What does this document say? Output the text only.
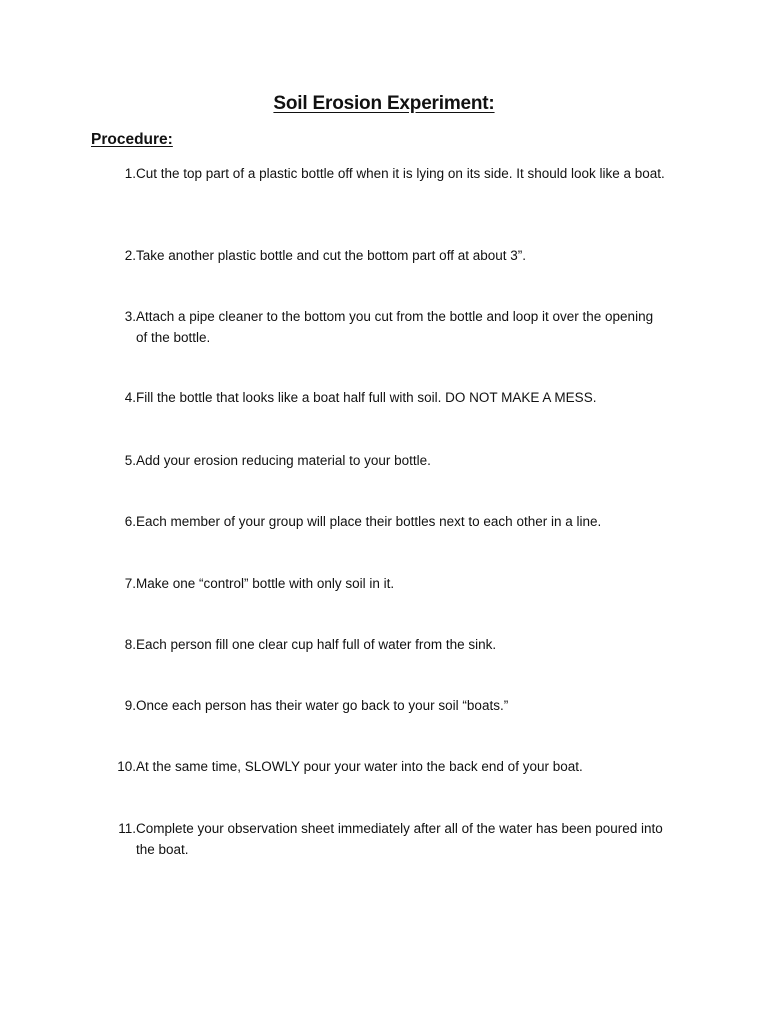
Soil Erosion Experiment:
Procedure:
1. Cut the top part of a plastic bottle off when it is lying on its side. It should look like a boat.
2. Take another plastic bottle and cut the bottom part off at about 3”.
3. Attach a pipe cleaner to the bottom you cut from the bottle and loop it over the opening of the bottle.
4. Fill the bottle that looks like a boat half full with soil. DO NOT MAKE A MESS.
5. Add your erosion reducing material to your bottle.
6. Each member of your group will place their bottles next to each other in a line.
7. Make one “control” bottle with only soil in it.
8. Each person fill one clear cup half full of water from the sink.
9. Once each person has their water go back to your soil “boats.”
10. At the same time, SLOWLY pour your water into the back end of your boat.
11. Complete your observation sheet immediately after all of the water has been poured into the boat.
